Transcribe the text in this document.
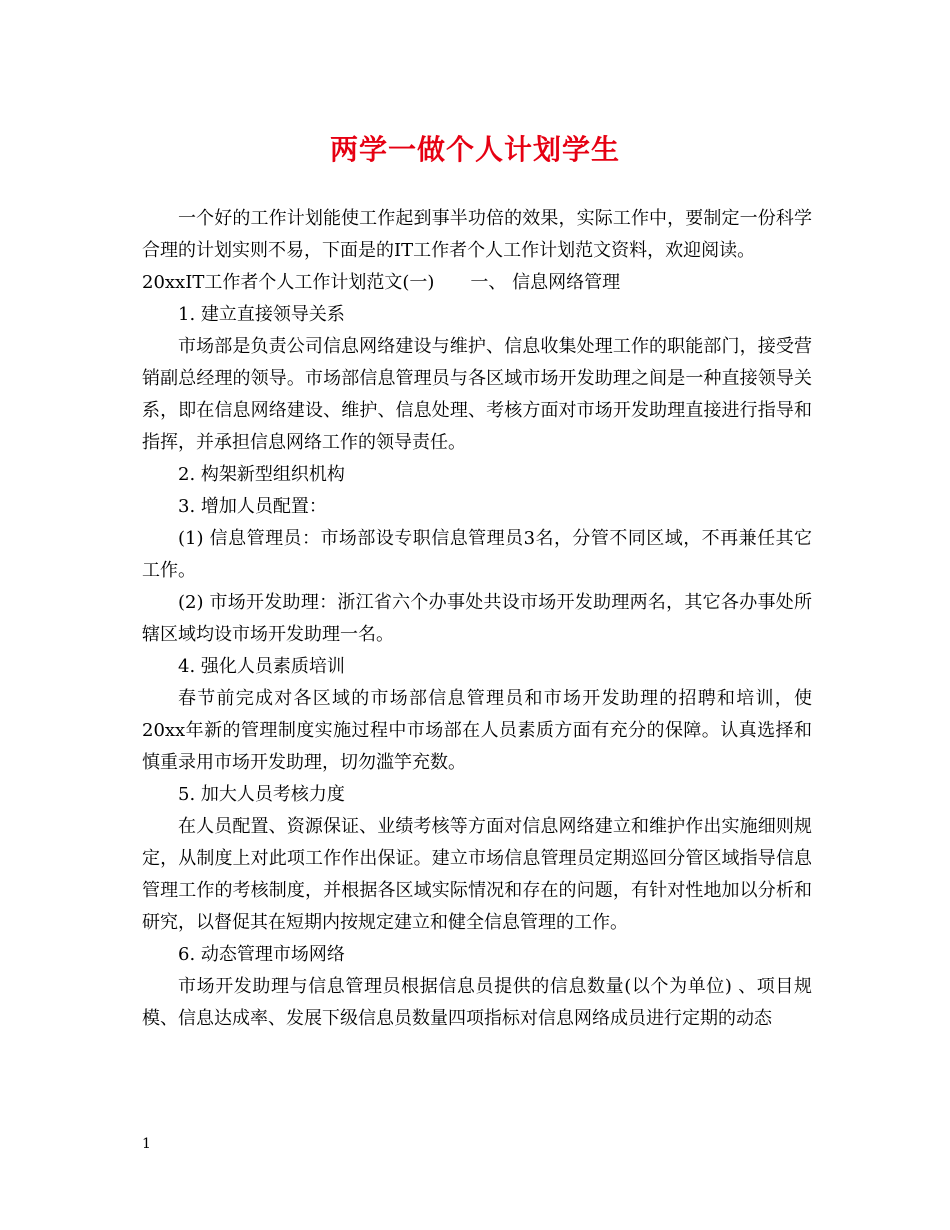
两学一做个人计划学生

一个好的工作计划能使工作起到事半功倍的效果，实际工作中，要制定一份科学合理的计划实则不易，下面是的IT工作者个人工作计划范文资料，欢迎阅读。

20xxIT工作者个人工作计划范文(一)　　一、 信息网络管理

1. 建立直接领导关系

市场部是负责公司信息网络建设与维护、信息收集处理工作的职能部门，接受营销副总经理的领导。市场部信息管理员与各区域市场开发助理之间是一种直接领导关系，即在信息网络建设、维护、信息处理、考核方面对市场开发助理直接进行指导和指挥，并承担信息网络工作的领导责任。

2. 构架新型组织机构

3. 增加人员配置：

(1) 信息管理员：市场部设专职信息管理员3名，分管不同区域，不再兼任其它工作。

(2) 市场开发助理：浙江省六个办事处共设市场开发助理两名，其它各办事处所辖区域均设市场开发助理一名。

4. 强化人员素质培训

春节前完成对各区域的市场部信息管理员和市场开发助理的招聘和培训，使20xx年新的管理制度实施过程中市场部在人员素质方面有充分的保障。认真选择和慎重录用市场开发助理，切勿滥竽充数。

5. 加大人员考核力度

在人员配置、资源保证、业绩考核等方面对信息网络建立和维护作出实施细则规定，从制度上对此项工作作出保证。建立市场信息管理员定期巡回分管区域指导信息管理工作的考核制度，并根据各区域实际情况和存在的问题，有针对性地加以分析和研究，以督促其在短期内按规定建立和健全信息管理的工作。

6. 动态管理市场网络

市场开发助理与信息管理员根据信息员提供的信息数量(以个为单位) 、项目规模、信息达成率、发展下级信息员数量四项指标对信息网络成员进行定期的动态

1
